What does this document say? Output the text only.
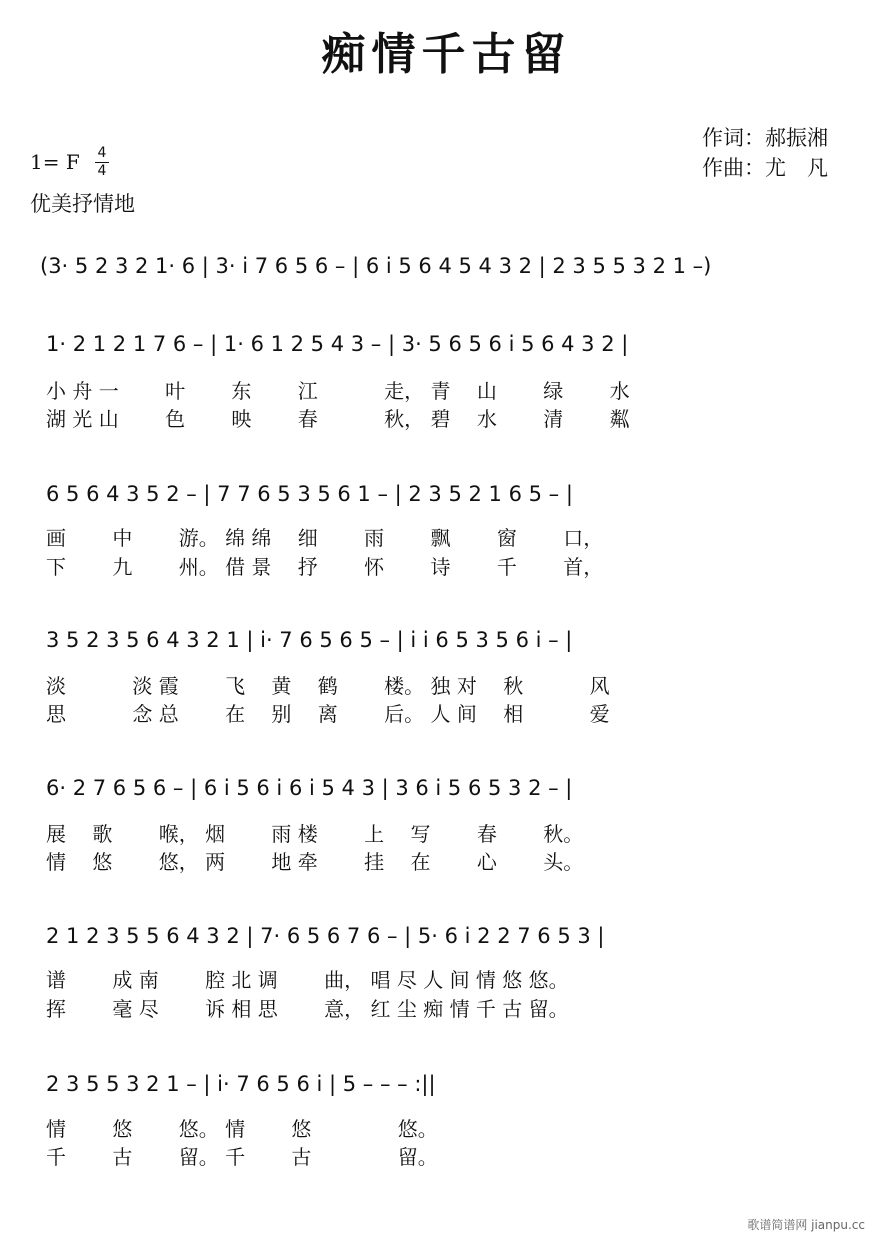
痴情千古留
作词：郝振湘
作曲：尤　凡
1= F 4
4
优美抒情地
(3· 5 2 3 2 1· 6 | 3· i 7 6 5 6 – | 6 i 5 6 4 5 4 3 2 | 2 3 5 5 3 2 1 –)
1· 2 1 2 1 7 6 – | 1· 6 1 2 5 4 3 – | 3· 5 6 5 6 i 5 6 4 3 2 |
小 舟 一　　 叶　　 东　　 江　　　 走， 青　 山　　 绿　　 水
湖 光 山　　 色　　 映　　 春　　　 秋， 碧　 水　　 清　　 粼
6 5 6 4 3 5 2 – | 7 7 6 5 3 5 6 1 – | 2 3 5 2 1 6 5 – |
画　　 中　　 游。 绵 绵　 细　　 雨　　 飘　　 窗　　 口，
下　　 九　　 州。 借 景　 抒　　 怀　　 诗　　 千　　 首，
3 5 2 3 5 6 4 3 2 1 | i· 7 6 5 6 5 – | i i 6 5 3 5 6 i – |
淡　　　 淡 霞　　 飞　 黄　 鹤　　 楼。 独 对　 秋　　　 风
思　　　 念 总　　 在　 别　 离　　 后。 人 间　 相　　　 爱
6· 2 7 6 5 6 – | 6 i 5 6 i 6 i 5 4 3 | 3 6 i 5 6 5 3 2 – |
展　 歌　　 喉， 烟　　 雨 楼　　 上　 写　　 春　　 秋。
情　 悠　　 悠， 两　　 地 牵　　 挂　 在　　 心　　 头。
2 1 2 3 5 5 6 4 3 2 | 7· 6 5 6 7 6 – | 5· 6 i 2 2 7 6 5 3 |
谱　　 成 南　　 腔 北 调　　 曲， 唱 尽 人 间 情 悠 悠。
挥　　 毫 尽　　 诉 相 思　　 意， 红 尘 痴 情 千 古 留。
2 3 5 5 3 2 1 – | i· 7 6 5 6 i | 5 – – – :||
情　　 悠　　 悠。 情　　 悠　　　　 悠。
千　　 古　　 留。 千　　 古　　　　 留。
歌谱简谱网 jianpu.cc
